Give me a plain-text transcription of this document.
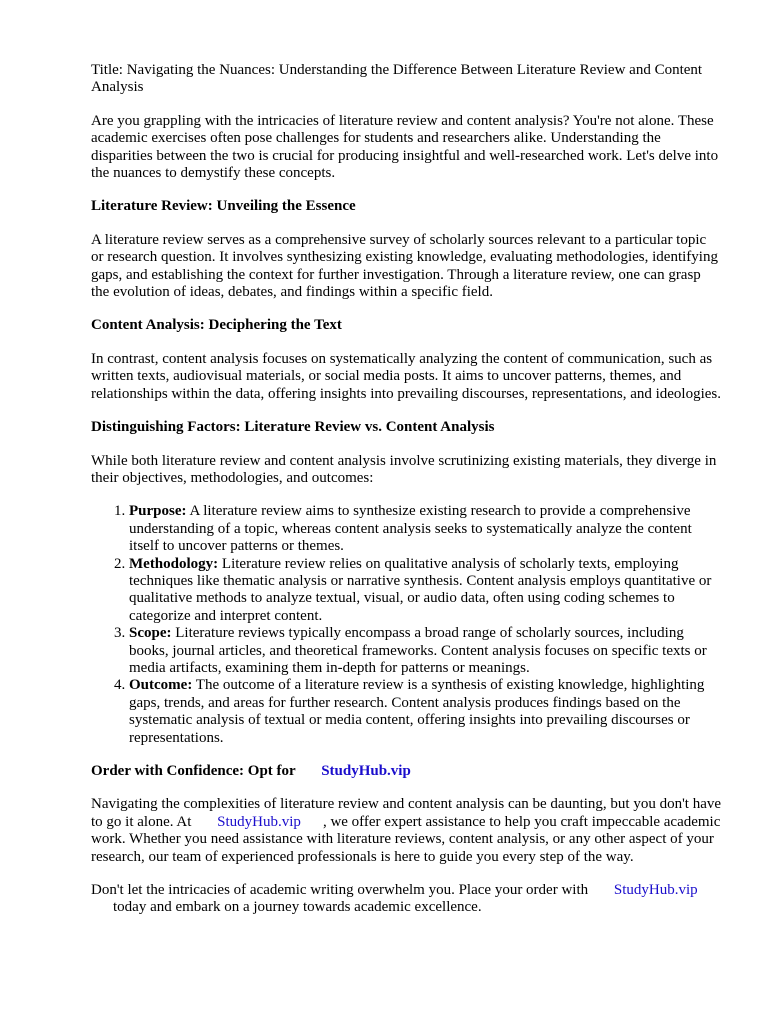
Title: Navigating the Nuances: Understanding the Difference Between Literature Review and Content Analysis

Are you grappling with the intricacies of literature review and content analysis? You're not alone. These academic exercises often pose challenges for students and researchers alike. Understanding the disparities between the two is crucial for producing insightful and well-researched work. Let's delve into the nuances to demystify these concepts.

Literature Review: Unveiling the Essence

A literature review serves as a comprehensive survey of scholarly sources relevant to a particular topic or research question. It involves synthesizing existing knowledge, evaluating methodologies, identifying gaps, and establishing the context for further investigation. Through a literature review, one can grasp the evolution of ideas, debates, and findings within a specific field.

Content Analysis: Deciphering the Text

In contrast, content analysis focuses on systematically analyzing the content of communication, such as written texts, audiovisual materials, or social media posts. It aims to uncover patterns, themes, and relationships within the data, offering insights into prevailing discourses, representations, and ideologies.

Distinguishing Factors: Literature Review vs. Content Analysis

While both literature review and content analysis involve scrutinizing existing materials, they diverge in their objectives, methodologies, and outcomes:

1. Purpose: A literature review aims to synthesize existing research to provide a comprehensive understanding of a topic, whereas content analysis seeks to systematically analyze the content itself to uncover patterns or themes.
2. Methodology: Literature review relies on qualitative analysis of scholarly texts, employing techniques like thematic analysis or narrative synthesis. Content analysis employs quantitative or qualitative methods to analyze textual, visual, or audio data, often using coding schemes to categorize and interpret content.
3. Scope: Literature reviews typically encompass a broad range of scholarly sources, including books, journal articles, and theoretical frameworks. Content analysis focuses on specific texts or media artifacts, examining them in-depth for patterns or meanings.
4. Outcome: The outcome of a literature review is a synthesis of existing knowledge, highlighting gaps, trends, and areas for further research. Content analysis produces findings based on the systematic analysis of textual or media content, offering insights into prevailing discourses or representations.
Order with Confidence: Opt for StudyHub.vip

Navigating the complexities of literature review and content analysis can be daunting, but you don't have to go it alone. At StudyHub.vip , we offer expert assistance to help you craft impeccable academic work. Whether you need assistance with literature reviews, content analysis, or any other aspect of your research, our team of experienced professionals is here to guide you every step of the way.

Don't let the intricacies of academic writing overwhelm you. Place your order with StudyHub.vip
today and embark on a journey towards academic excellence.
